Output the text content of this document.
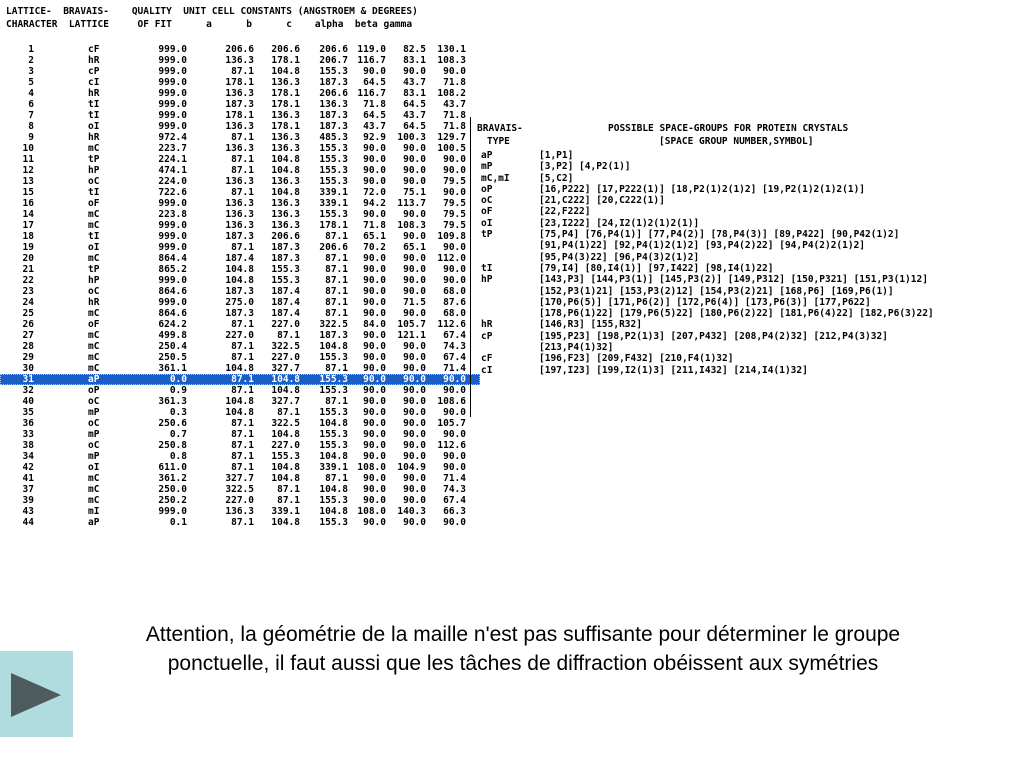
LATTICE-  BRAVAIS-    QUALITY  UNIT CELL CONSTANTS (ANGSTROEM & DEGREES)
CHARACTER  LATTICE     OF FIT      a      b      c    alpha  beta gamma
1	cF	999.0	206.6	206.6	206.6 119.0	82.5	130.1
2	hR	999.0	136.3	178.1	206.7 116.7	83.1	108.3
3	cP	999.0	87.1	104.8	155.3	90.0	90.0	90.0
5	cI	999.0	178.1	136.3	187.3	64.5	43.7	71.8
4	hR	999.0	136.3	178.1	206.6 116.7	83.1	108.2
6	tI	999.0	187.3	178.1	136.3	71.8	64.5	43.7
7	tI	999.0	178.1	136.3	187.3	64.5	43.7	71.8
8	oI	999.0	136.3	178.1	187.3	43.7	64.5	71.8
9	hR	972.4	87.1	136.3	485.3	92.9	100.3	129.7
10	mC	223.7	136.3	136.3	155.3	90.0	90.0	100.5
11	tP	224.1	87.1	104.8	155.3	90.0	90.0	90.0
12	hP	474.1	87.1	104.8	155.3	90.0	90.0	90.0
13	oC	224.0	136.3	136.3	155.3	90.0	90.0	79.5
15	tI	722.6	87.1	104.8	339.1	72.0	75.1	90.0
16	oF	999.0	136.3	136.3	339.1	94.2	113.7	79.5
14	mC	223.8	136.3	136.3	155.3	90.0	90.0	79.5
17	mC	999.0	136.3	136.3	178.1	71.8	108.3	79.5
18	tI	999.0	187.3	206.6	87.1	65.1	90.0	109.8
19	oI	999.0	87.1	187.3	206.6	70.2	65.1	90.0
20	mC	864.4	187.4	187.3	87.1	90.0	90.0	112.0
21	tP	865.2	104.8	155.3	87.1	90.0	90.0	90.0
22	hP	999.0	104.8	155.3	87.1	90.0	90.0	90.0
23	oC	864.6	187.3	187.4	87.1	90.0	90.0	68.0
24	hR	999.0	275.0	187.4	87.1	90.0	71.5	87.6
25	mC	864.6	187.3	187.4	87.1	90.0	90.0	68.0
26	oF	624.2	87.1	227.0	322.5	84.0	105.7	112.6
27	mC	499.8	227.0	87.1	187.3	90.0	121.1	67.4
28	mC	250.4	87.1	322.5	104.8	90.0	90.0	74.3
29	mC	250.5	87.1	227.0	155.3	90.0	90.0	67.4
30	mC	361.1	104.8	327.7	87.1	90.0	90.0	71.4
31	aP	0.0	87.1	104.8	155.3	90.0	90.0	90.0
32	oP	0.9	87.1	104.8	155.3	90.0	90.0	90.0
40	oC	361.3	104.8	327.7	87.1	90.0	90.0	108.6
35	mP	0.3	104.8	87.1	155.3	90.0	90.0	90.0
36	oC	250.6	87.1	322.5	104.8	90.0	90.0	105.7
33	mP	0.7	87.1	104.8	155.3	90.0	90.0	90.0
38	oC	250.8	87.1	227.0	155.3	90.0	90.0	112.6
34	mP	0.8	87.1	155.3	104.8	90.0	90.0	90.0
42	oI	611.0	87.1	104.8	339.1 108.0	104.9	90.0
41	mC	361.2	327.7	104.8	87.1	90.0	90.0	71.4
37	mC	250.0	322.5	87.1	104.8	90.0	90.0	74.3
39	mC	250.2	227.0	87.1	155.3	90.0	90.0	67.4
43	mI	999.0	136.3	339.1	104.8 108.0	140.3	66.3
44	aP	0.1	87.1	104.8	155.3	90.0	90.0	90.0
BRAVAIS-	POSSIBLE SPACE-GROUPS FOR PROTEIN CRYSTALS
TYPE	[SPACE GROUP NUMBER,SYMBOL]
aP	[1,P1]
mP	[3,P2] [4,P2(1)]
mC,mI	[5,C2]
oP	[16,P222] [17,P222(1)] [18,P2(1)2(1)2] [19,P2(1)2(1)2(1)]
oC	[21,C222] [20,C222(1)]
oF	[22,F222]
oI	[23,I222] [24,I2(1)2(1)2(1)]
tP	[75,P4] [76,P4(1)] [77,P4(2)] [78,P4(3)] [89,P422] [90,P42(1)2]
[91,P4(1)22] [92,P4(1)2(1)2] [93,P4(2)22] [94,P4(2)2(1)2]
[95,P4(3)22] [96,P4(3)2(1)2]
tI	[79,I4] [80,I4(1)] [97,I422] [98,I4(1)22]
hP	[143,P3] [144,P3(1)] [145,P3(2)] [149,P312] [150,P321] [151,P3(1)12]
[152,P3(1)21] [153,P3(2)12] [154,P3(2)21] [168,P6] [169,P6(1)]
[170,P6(5)] [171,P6(2)] [172,P6(4)] [173,P6(3)] [177,P622]
[178,P6(1)22] [179,P6(5)22] [180,P6(2)22] [181,P6(4)22] [182,P6(3)22]
hR	[146,R3] [155,R32]
cP	[195,P23] [198,P2(1)3] [207,P432] [208,P4(2)32] [212,P4(3)32]
[213,P4(1)32]
cF	[196,F23] [209,F432] [210,F4(1)32]
cI	[197,I23] [199,I2(1)3] [211,I432] [214,I4(1)32]
Attention, la géométrie de la maille n'est pas suffisante pour déterminer le groupe ponctuelle, il faut aussi que les tâches de diffraction obéissent aux symétries
